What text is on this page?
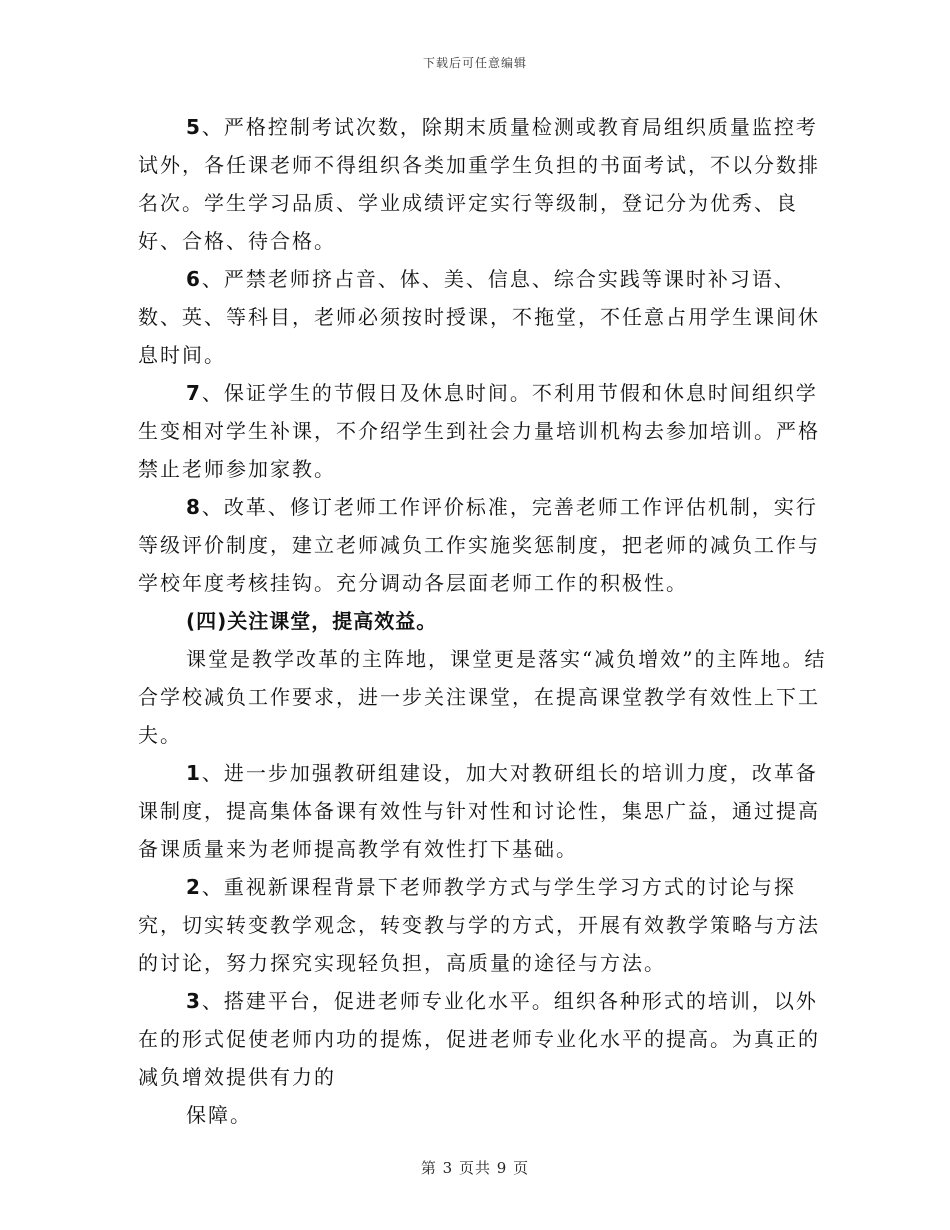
下载后可任意编辑

5、严格控制考试次数，除期末质量检测或教育局组织质量监控考试外，各任课老师不得组织各类加重学生负担的书面考试，不以分数排名次。学生学习品质、学业成绩评定实行等级制，登记分为优秀、良好、合格、待合格。

6、严禁老师挤占音、体、美、信息、综合实践等课时补习语、数、英、等科目，老师必须按时授课，不拖堂，不任意占用学生课间休息时间。

7、保证学生的节假日及休息时间。不利用节假和休息时间组织学生变相对学生补课，不介绍学生到社会力量培训机构去参加培训。严格禁止老师参加家教。

8、改革、修订老师工作评价标准，完善老师工作评估机制，实行等级评价制度，建立老师减负工作实施奖惩制度，把老师的减负工作与学校年度考核挂钩。充分调动各层面老师工作的积极性。

(四)关注课堂，提高效益。

课堂是教学改革的主阵地，课堂更是落实“减负增效”的主阵地。结合学校减负工作要求，进一步关注课堂，在提高课堂教学有效性上下工夫。

1、进一步加强教研组建设，加大对教研组长的培训力度，改革备课制度，提高集体备课有效性与针对性和讨论性，集思广益，通过提高备课质量来为老师提高教学有效性打下基础。

2、重视新课程背景下老师教学方式与学生学习方式的讨论与探究，切实转变教学观念，转变教与学的方式，开展有效教学策略与方法的讨论，努力探究实现轻负担，高质量的途径与方法。

3、搭建平台，促进老师专业化水平。组织各种形式的培训，以外在的形式促使老师内功的提炼，促进老师专业化水平的提高。为真正的减负增效提供有力的

保障。

第 3 页共 9 页
